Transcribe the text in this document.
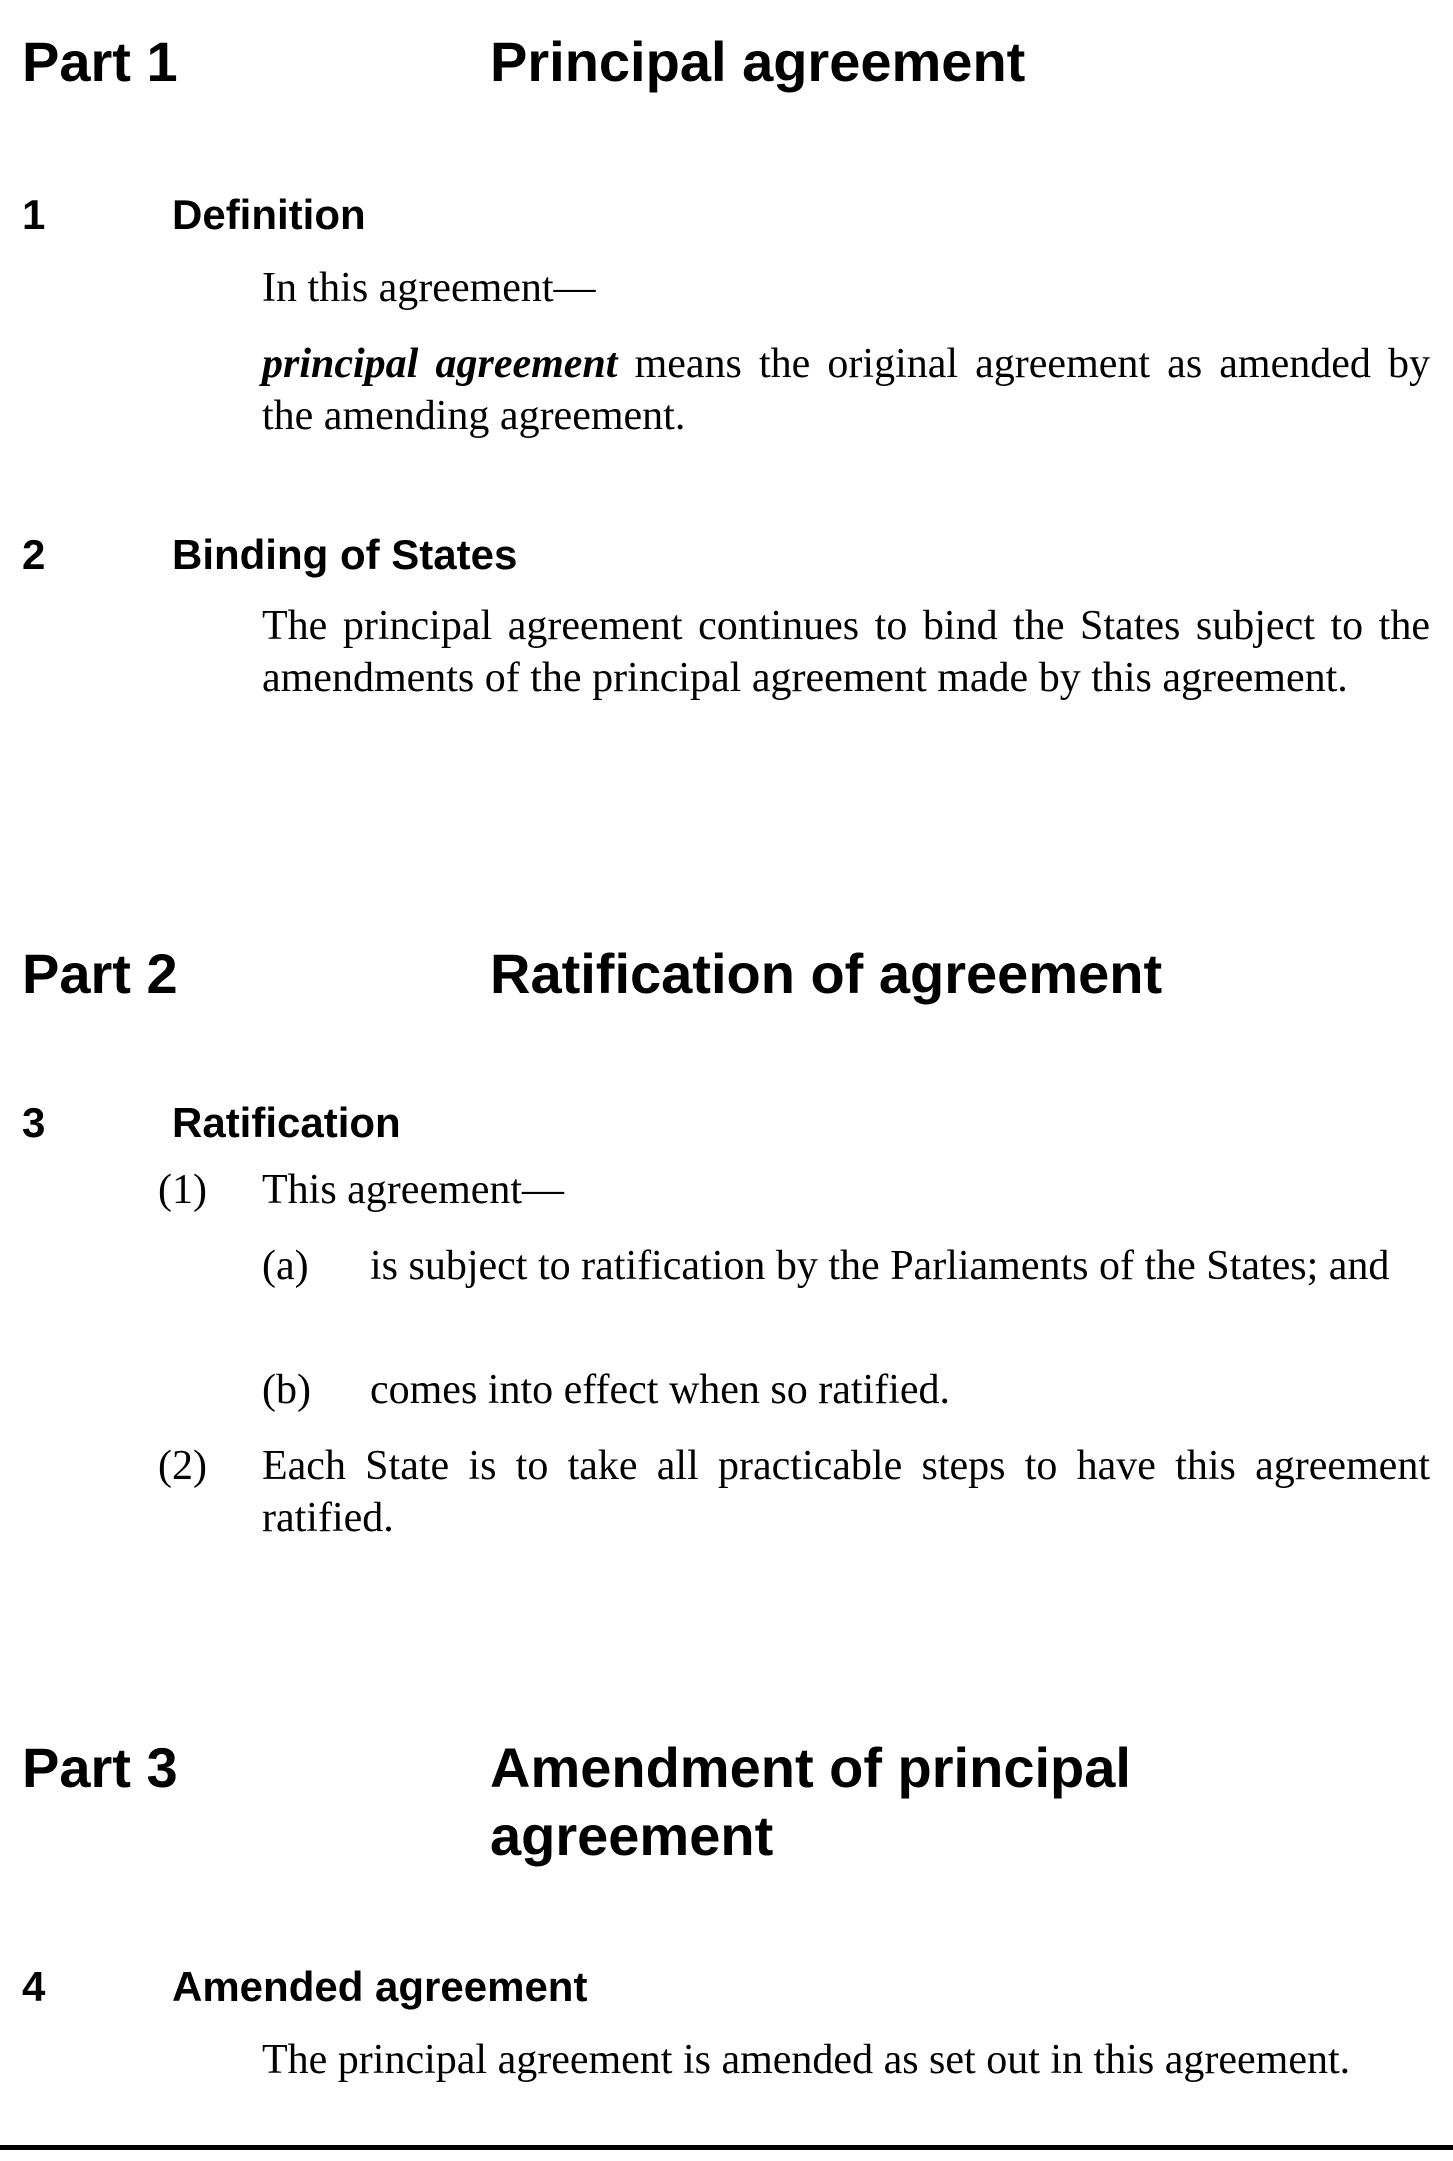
Part 1	Principal agreement
1	Definition

In this agreement—

principal agreement means the original agreement as amended by the amending agreement.

2	Binding of States

The principal agreement continues to bind the States subject to the amendments of the principal agreement made by this agreement.

Part 2	Ratification of agreement
3	Ratification
(1) This agreement—

(a) is subject to ratification by the Parliaments of the States; and

(b) comes into effect when so ratified.

(2) Each State is to take all practicable steps to have this agreement ratified.

Part 3	Amendment of principal
agreement
4	Amended agreement

The principal agreement is amended as set out in this agreement.
